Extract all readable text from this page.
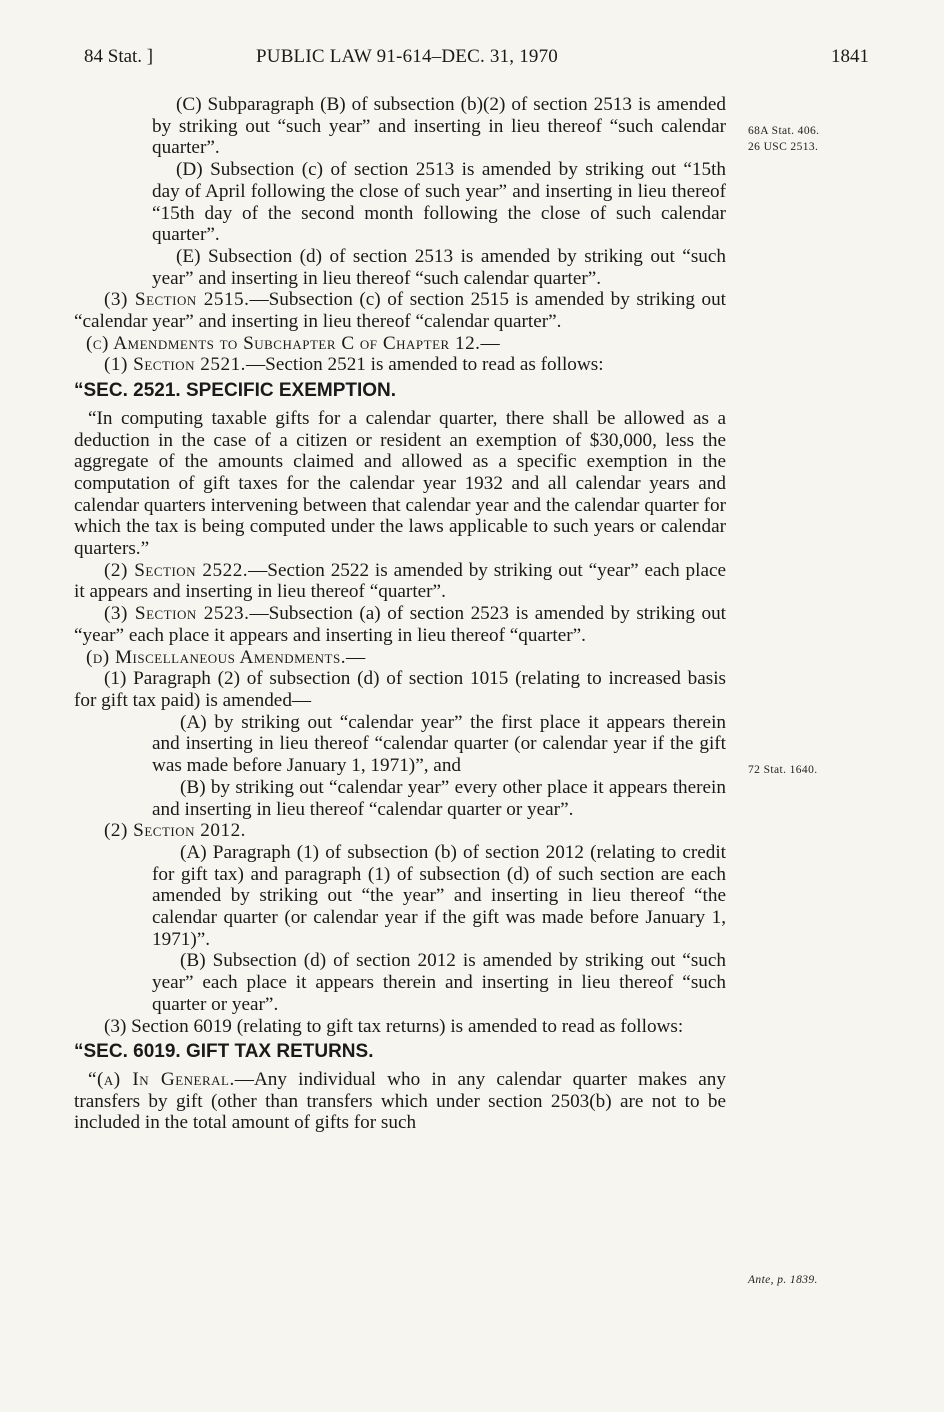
84 Stat. ]	PUBLIC LAW 91-614–DEC. 31, 1970	1841
68A Stat. 406.
26 USC 2513.
72 Stat. 1640.
Ante, p. 1839.

(C) Subparagraph (B) of subsection (b)(2) of section 2513 is amended by striking out “such year” and inserting in lieu thereof “such calendar quarter”.

(D) Subsection (c) of section 2513 is amended by striking out “15th day of April following the close of such year” and inserting in lieu thereof “15th day of the second month following the close of such calendar quarter”.

(E) Subsection (d) of section 2513 is amended by striking out “such year” and inserting in lieu thereof “such calendar quarter”.

(3) Section 2515.—Subsection (c) of section 2515 is amended by striking out “calendar year” and inserting in lieu thereof “calendar quarter”.

(c) Amendments to Subchapter C of Chapter 12.—

(1) Section 2521.—Section 2521 is amended to read as follows:

“SEC. 2521. SPECIFIC EXEMPTION.

“In computing taxable gifts for a calendar quarter, there shall be allowed as a deduction in the case of a citizen or resident an exemption of $30,000, less the aggregate of the amounts claimed and allowed as a specific exemption in the computation of gift taxes for the calendar year 1932 and all calendar years and calendar quarters intervening between that calendar year and the calendar quarter for which the tax is being computed under the laws applicable to such years or calendar quarters.”

(2) Section 2522.—Section 2522 is amended by striking out “year” each place it appears and inserting in lieu thereof “quarter”.

(3) Section 2523.—Subsection (a) of section 2523 is amended by striking out “year” each place it appears and inserting in lieu thereof “quarter”.

(d) Miscellaneous Amendments.—

(1) Paragraph (2) of subsection (d) of section 1015 (relating to increased basis for gift tax paid) is amended—

(A) by striking out “calendar year” the first place it appears therein and inserting in lieu thereof “calendar quarter (or calendar year if the gift was made before January 1, 1971)”, and

(B) by striking out “calendar year” every other place it appears therein and inserting in lieu thereof “calendar quarter or year”.

(2) Section 2012.

(A) Paragraph (1) of subsection (b) of section 2012 (relating to credit for gift tax) and paragraph (1) of subsection (d) of such section are each amended by striking out “the year” and inserting in lieu thereof “the calendar quarter (or calendar year if the gift was made before January 1, 1971)”.

(B) Subsection (d) of section 2012 is amended by striking out “such year” each place it appears therein and inserting in lieu thereof “such quarter or year”.

(3) Section 6019 (relating to gift tax returns) is amended to read as follows:

“SEC. 6019. GIFT TAX RETURNS.

“(a) In General.—Any individual who in any calendar quarter makes any transfers by gift (other than transfers which under section 2503(b) are not to be included in the total amount of gifts for such
